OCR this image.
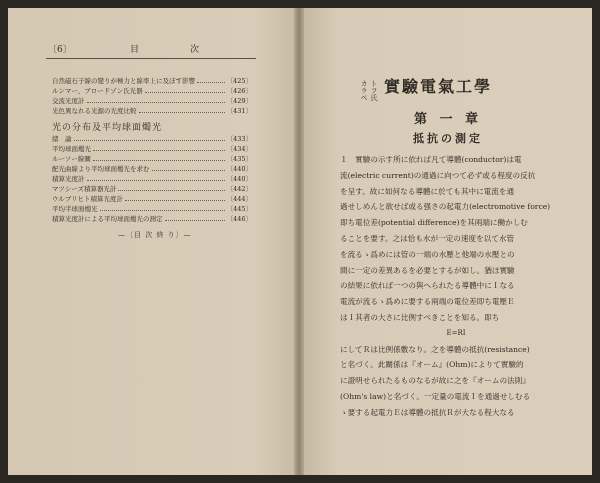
〔6〕	目	次
自然磁石子線の變りが極力と線率上に及ぼす影響	〔425〕
ルンマー、ブロードゾン氏光器	〔426〕
交流光度計	〔429〕
光色異なれる光源の光度比較	〔431〕
光の分布及平均球面燭光
緒　論	〔433〕
平均球面燭光	〔434〕
ルーソー線圖	〔435〕
配光曲線より平均球面燭光を求む	〔440〕
積算光度計	〔440〕
マツシーズ積算器光計	〔442〕
ウルブリヒト積算光度計	〔444〕
平均半球面燭光	〔445〕
積算光度計による平均球面燭光の測定	〔446〕
—〔目 次 終 り〕—
カラベ トフ氏 實驗電氣工學
第 一 章
抵抗の測定

１　實驗の示す所に依れば凡て導體(conductor)は電

流(electric current)の通過に向つて必ず或る程度の反抗

を呈す。故に如何なる導體に於ても其中に電流を通

過せしめんと欲せば或る强さの起電力(electromotive force)

即ち電位差(potential difference)を其兩端に働かしむ

ることを要す。之は恰も水が一定の速度を以て水管

を流るゝ爲めには管の一端の水壓と他端の水壓との

間に一定の差異あるを必要とするが如し。猶ほ實驗

の結果に依れば一つの與へられたる導體中にＩなる

電流が流るゝ爲めに要する兩端の電位差即ち電壓Ｅ

はＩ其者の大さに比例すべきことを知る。即ち

E=RI

にしてＲは比例係數なり。之を導體の抵抗(resistance)

と名づく。此關係は『オーム』(Ohm)によりて實驗的

に證明せられたるものなるが故に之を『オームの法則』

(Ohm's law)と名づく。一定量の電流Ｉを通過せしむる

ゝ要する起電力Ｅは導體の抵抗Ｒが大なる程大なる
